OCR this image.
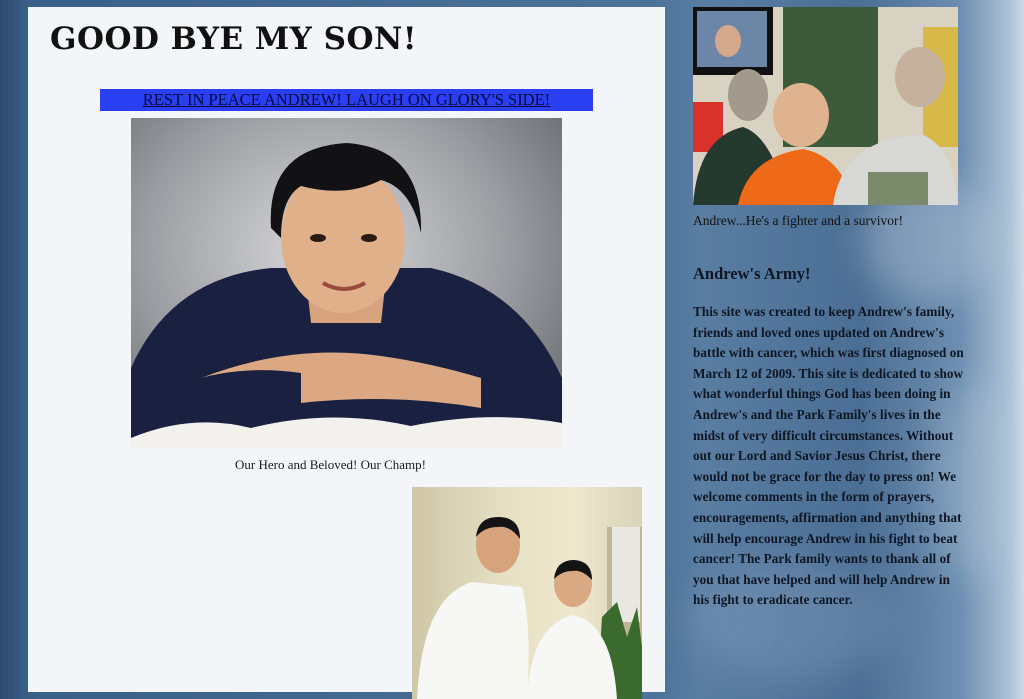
GOOD BYE MY SON!
REST IN PEACE ANDREW! LAUGH ON GLORY'S SIDE!
Our Hero and Beloved! Our Champ!
Andrew...He's a fighter and a survivor!
Andrew's Army!

This site was created to keep Andrew's family, friends and loved ones updated on Andrew's battle with cancer, which was first diagnosed on March 12 of 2009. This site is dedicated to show what wonderful things God has been doing in Andrew's and the Park Family's lives in the midst of very difficult circumstances. Without out our Lord and Savior Jesus Christ, there would not be grace for the day to press on! We welcome comments in the form of prayers, encouragements, affirmation and anything that will help encourage Andrew in his fight to beat cancer! The Park family wants to thank all of you that have helped and will help Andrew in his fight to eradicate cancer.
